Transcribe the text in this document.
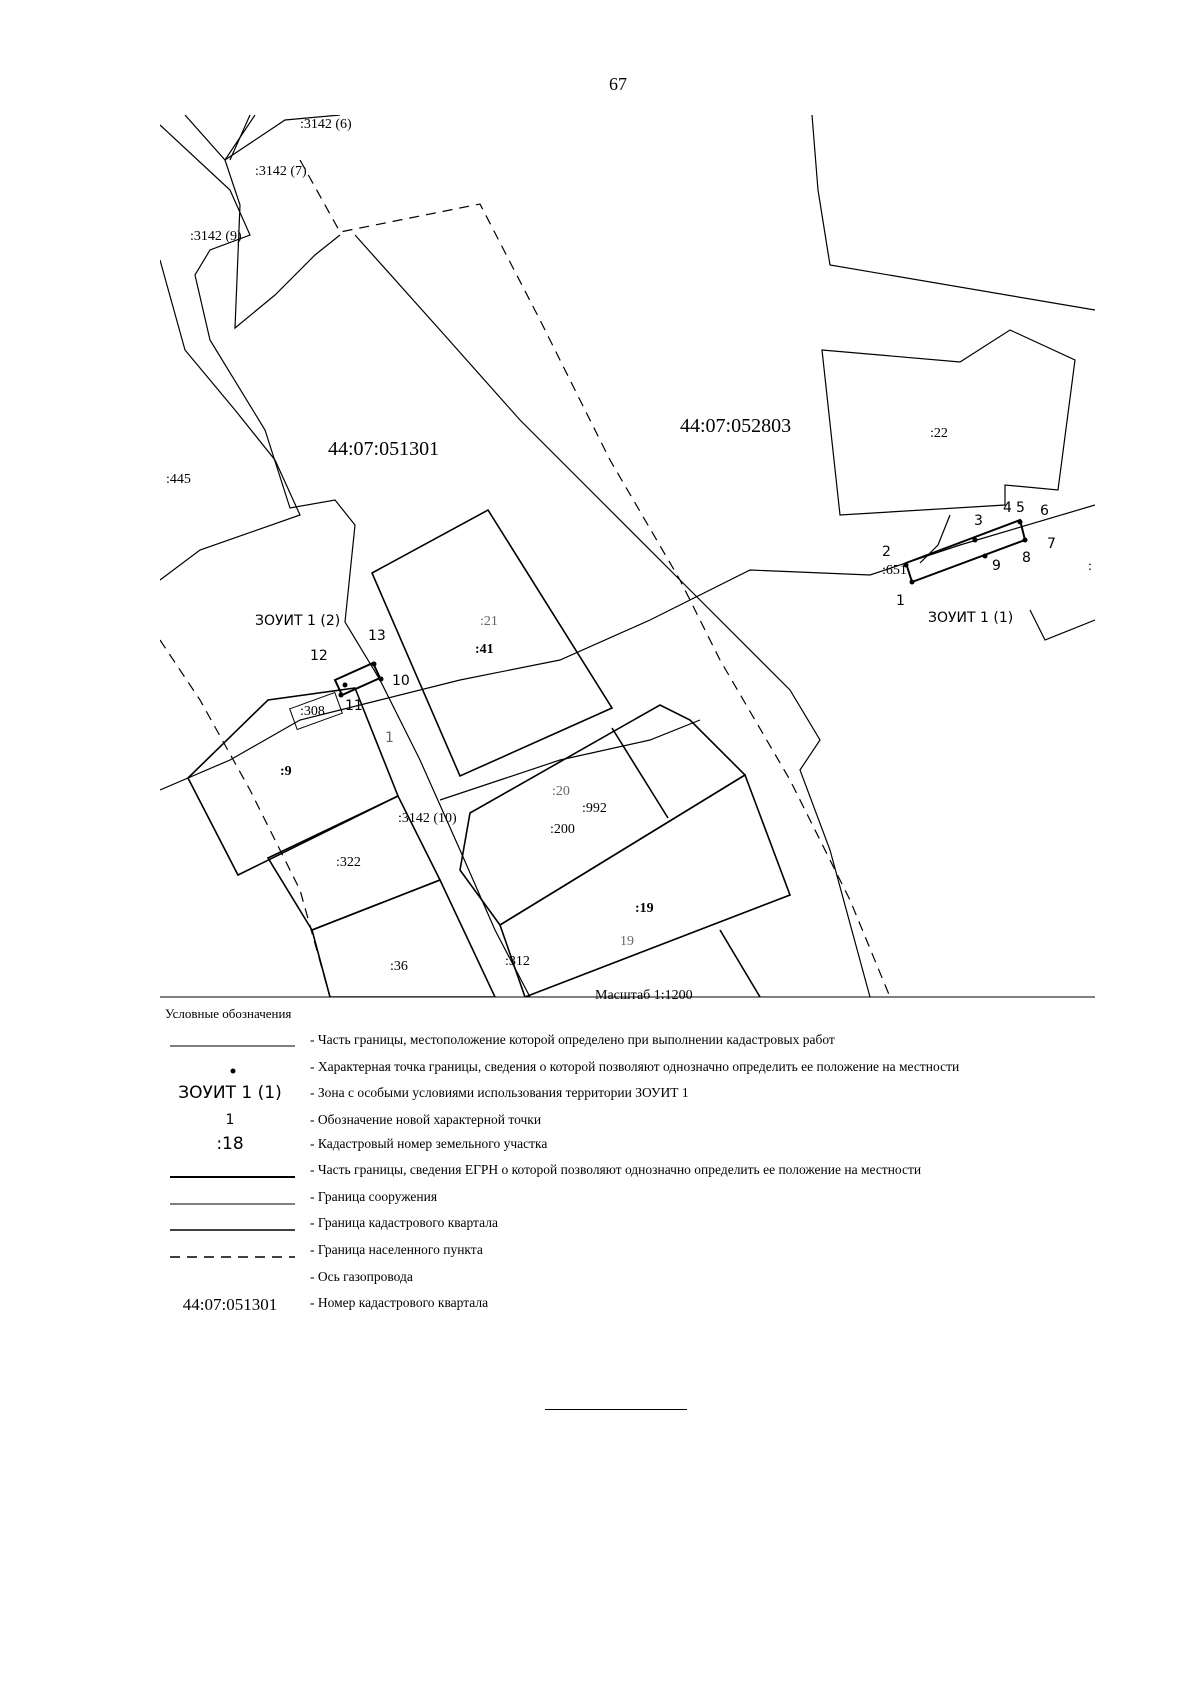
67
44:07:051301
44:07:052803
:3142 (6)
:3142 (7)
:3142 (9)
:445
:22
:41
:21
:308
:9
:3142 (10)
:20
:992
:200
:322
:19
19
:36	:312
:651	:
ЗОУИТ 1 (2)	ЗОУИТ 1 (1)
1
2
3
4 5 6
7
8
9
10
11
12
13
1
Масштаб 1:1200
Условные обозначения
- Часть границы, местоположение которой определено при выполнении кадастровых работ
- Характерная точка границы, сведения о которой позволяют однозначно определить ее положение на местности
ЗОУИТ 1 (1)	- Зона с особыми условиями использования территории ЗОУИТ 1
1	- Обозначение новой характерной точки
:18	- Кадастровый номер земельного участка
- Часть границы, сведения ЕГРН о которой позволяют однозначно определить ее положение на местности
- Граница сооружения
- Граница кадастрового квартала
- Граница населенного пункта
- Ось газопровода
44:07:051301	- Номер кадастрового квартала
